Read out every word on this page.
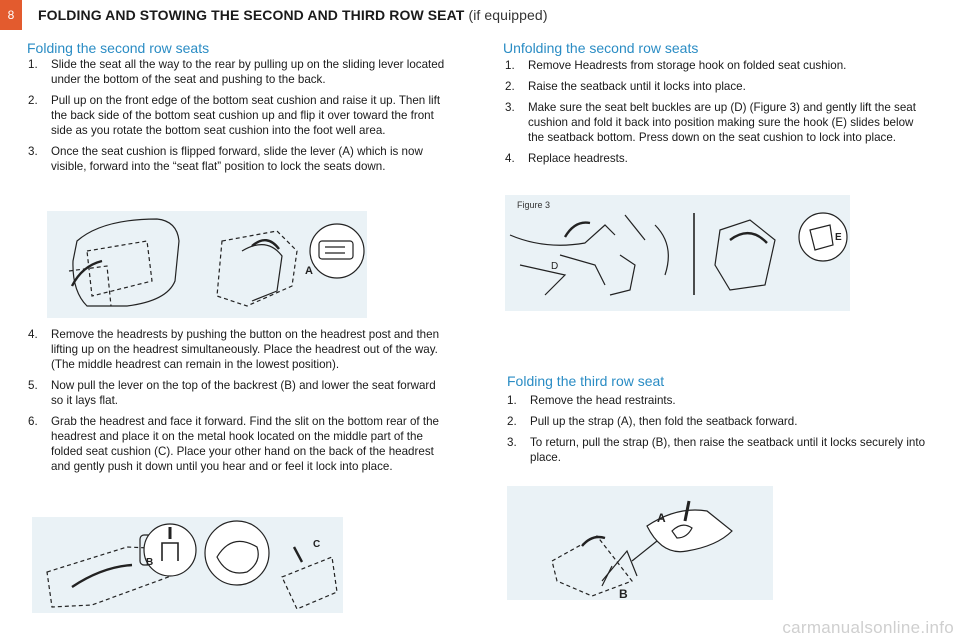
8	FOLDING AND STOWING THE SECOND AND THIRD ROW SEAT (if equipped)
Folding the second row seats
1. Slide the seat all the way to the rear by pulling up on the sliding lever located under the bottom of the seat and pushing to the back.
2. Pull up on the front edge of the bottom seat cushion and raise it up. Then lift the back side of the bottom seat cushion up and flip it over toward the front side as you rotate the bottom seat cushion into the foot well area.
3. Once the seat cushion is flipped forward, slide the lever (A) which is now visible, forward into the “seat flat” position to lock the seats down.
A
4. Remove the headrests by pushing the button on the headrest post and then lifting up on the headrest simultaneously. Place the headrest out of the way. (The middle headrest can remain in the lowest position).
5. Now pull the lever on the top of the backrest (B) and lower the seat forward so it lays flat.
6. Grab the headrest and face it forward. Find the slit on the bottom rear of the headrest and place it on the metal hook located on the middle part of the folded seat cushion (C). Place your other hand on the back of the headrest and gently push it down until you hear and or feel it lock into place.
B
C
Unfolding the second row seats
1. Remove Headrests from storage hook on folded seat cushion.
2. Raise the seatback until it locks into place.
3. Make sure the seat belt buckles are up (D) (Figure 3) and gently lift the seat cushion and fold it back into position making sure the hook (E) slides below the seatback bottom. Press down on the seat cushion to lock into place.
4. Replace headrests.
Figure 3
D
E
Folding the third row seat
1. Remove the head restraints.
2. Pull up the strap (A), then fold the seatback forward.
3. To return, pull the strap (B), then raise the seatback until it locks securely into place.
A
B
carmanualsonline.info
